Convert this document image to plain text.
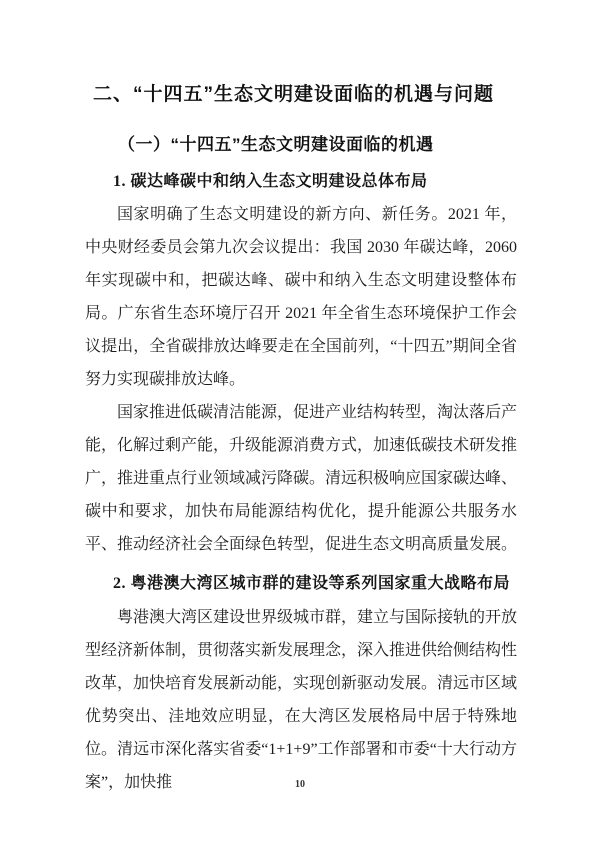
二、“十四五”生态文明建设面临的机遇与问题
（一）“十四五”生态文明建设面临的机遇
1. 碳达峰碳中和纳入生态文明建设总体布局

国家明确了生态文明建设的新方向、新任务。2021 年，中央财经委员会第九次会议提出：我国 2030 年碳达峰，2060 年实现碳中和，把碳达峰、碳中和纳入生态文明建设整体布局。广东省生态环境厅召开 2021 年全省生态环境保护工作会议提出，全省碳排放达峰要走在全国前列，“十四五”期间全省努力实现碳排放达峰。

国家推进低碳清洁能源，促进产业结构转型，淘汰落后产能，化解过剩产能，升级能源消费方式，加速低碳技术研发推广，推进重点行业领域减污降碳。清远积极响应国家碳达峰、碳中和要求，加快布局能源结构优化，提升能源公共服务水平、推动经济社会全面绿色转型，促进生态文明高质量发展。

2. 粤港澳大湾区城市群的建设等系列国家重大战略布局

粤港澳大湾区建设世界级城市群，建立与国际接轨的开放型经济新体制，贯彻落实新发展理念，深入推进供给侧结构性改革，加快培育发展新动能，实现创新驱动发展。清远市区域优势突出、洼地效应明显，在大湾区发展格局中居于特殊地位。清远市深化落实省委“1+1+9”工作部署和市委“十大行动方案”，加快推	10
